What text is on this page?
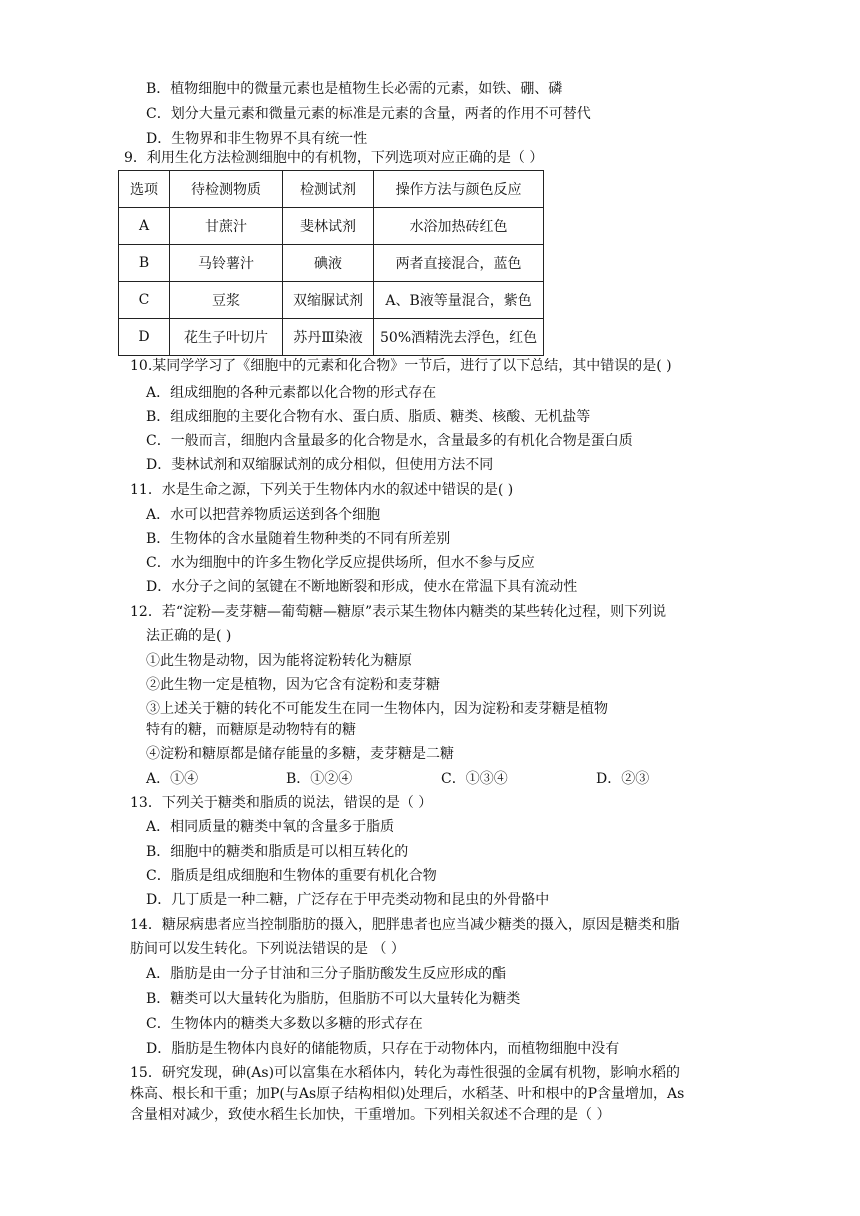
B．植物细胞中的微量元素也是植物生长必需的元素，如铁、硼、磷
C．划分大量元素和微量元素的标准是元素的含量，两者的作用不可替代
D．生物界和非生物界不具有统一性
9．利用生化方法检测细胞中的有机物，下列选项对应正确的是（ ）
选项	待检测物质	检测试剂	操作方法与颜色反应
A	甘蔗汁	斐林试剂	水浴加热砖红色
B	马铃薯汁	碘液	两者直接混合，蓝色
C	豆浆	双缩脲试剂	A、B液等量混合，紫色
D	花生子叶切片	苏丹Ⅲ染液	50%酒精洗去浮色，红色
10.某同学学习了《细胞中的元素和化合物》一节后，进行了以下总结，其中错误的是( )
A．组成细胞的各种元素都以化合物的形式存在
B．组成细胞的主要化合物有水、蛋白质、脂质、糖类、核酸、无机盐等
C．一般而言，细胞内含量最多的化合物是水，含量最多的有机化合物是蛋白质
D．斐林试剂和双缩脲试剂的成分相似，但使用方法不同
11．水是生命之源，下列关于生物体内水的叙述中错误的是( )
A．水可以把营养物质运送到各个细胞
B．生物体的含水量随着生物种类的不同有所差别
C．水为细胞中的许多生物化学反应提供场所，但水不参与反应
D．水分子之间的氢键在不断地断裂和形成，使水在常温下具有流动性
12．若“淀粉—麦芽糖—葡萄糖—糖原”表示某生物体内糖类的某些转化过程，则下列说
法正确的是( )
①此生物是动物，因为能将淀粉转化为糖原
②此生物一定是植物，因为它含有淀粉和麦芽糖
③上述关于糖的转化不可能发生在同一生物体内，因为淀粉和麦芽糖是植物
特有的糖，而糖原是动物特有的糖
④淀粉和糖原都是储存能量的多糖，麦芽糖是二糖
A．①④	B．①②④	C．①③④	D．②③
13．下列关于糖类和脂质的说法，错误的是（ ）
A．相同质量的糖类中氧的含量多于脂质
B．细胞中的糖类和脂质是可以相互转化的
C．脂质是组成细胞和生物体的重要有机化合物
D．几丁质是一种二糖，广泛存在于甲壳类动物和昆虫的外骨骼中
14．糖尿病患者应当控制脂肪的摄入，肥胖患者也应当减少糖类的摄入，原因是糖类和脂
肪间可以发生转化。下列说法错误的是 （ ）
A．脂肪是由一分子甘油和三分子脂肪酸发生反应形成的酯
B．糖类可以大量转化为脂肪，但脂肪不可以大量转化为糖类
C．生物体内的糖类大多数以多糖的形式存在
D．脂肪是生物体内良好的储能物质，只存在于动物体内，而植物细胞中没有
15．研究发现，砷(As)可以富集在水稻体内，转化为毒性很强的金属有机物，影响水稻的
株高、根长和干重；加P(与As原子结构相似)处理后，水稻茎、叶和根中的P含量增加，As
含量相对减少，致使水稻生长加快，干重增加。下列相关叙述不合理的是（ ）
